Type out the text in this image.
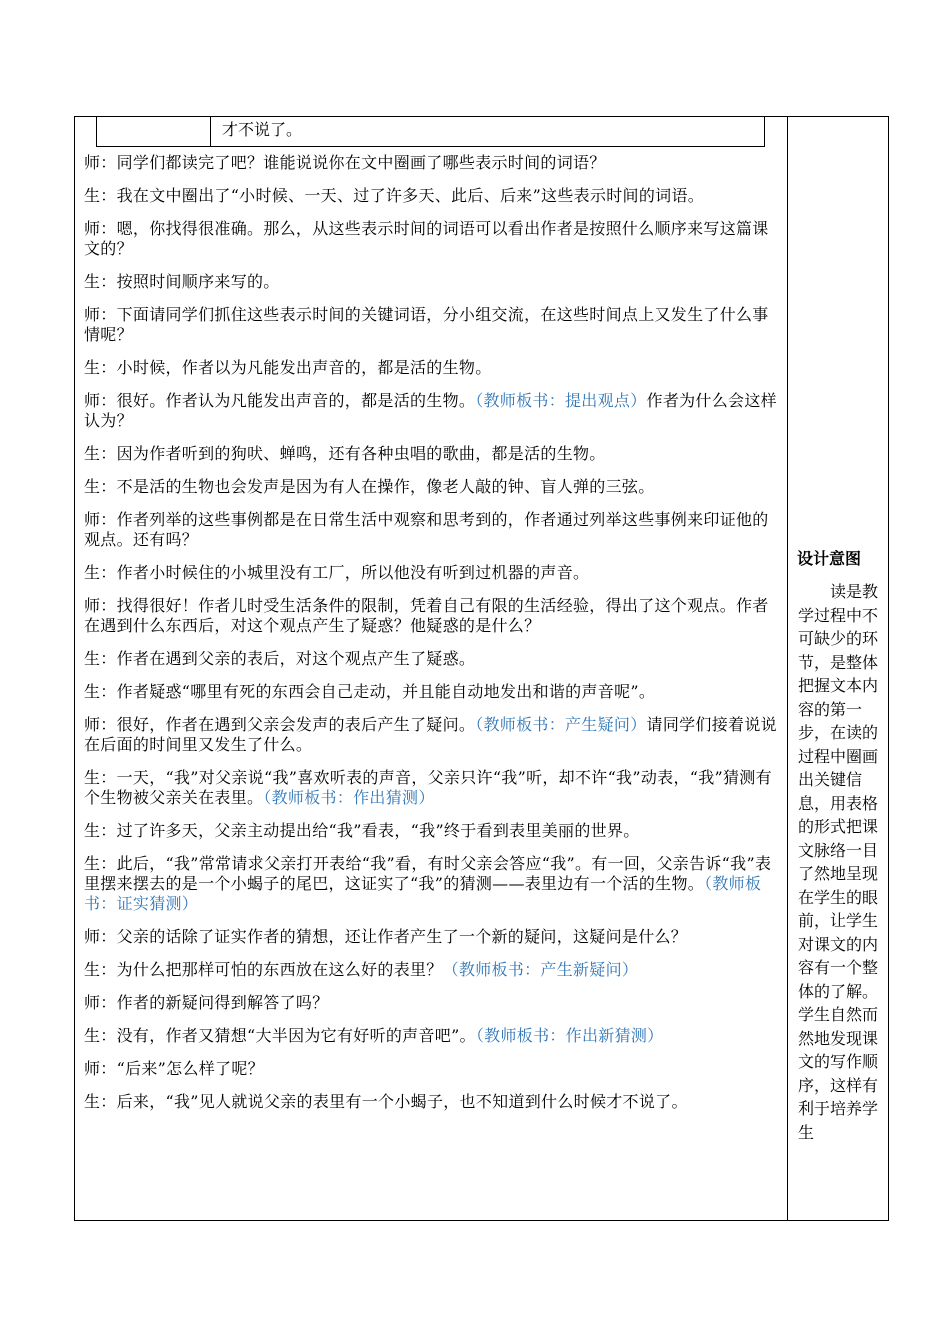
才不说了。

师：同学们都读完了吧？谁能说说你在文中圈画了哪些表示时间的词语？

生：我在文中圈出了“小时候、一天、过了许多天、此后、后来”这些表示时间的词语。

师：嗯，你找得很准确。那么，从这些表示时间的词语可以看出作者是按照什么顺序来写这篇课文的？

生：按照时间顺序来写的。

师：下面请同学们抓住这些表示时间的关键词语，分小组交流，在这些时间点上又发生了什么事情呢？

生：小时候，作者以为凡能发出声音的，都是活的生物。

师：很好。作者认为凡能发出声音的，都是活的生物。（教师板书：提出观点）作者为什么会这样认为？

生：因为作者听到的狗吠、蝉鸣，还有各种虫唱的歌曲，都是活的生物。

生：不是活的生物也会发声是因为有人在操作，像老人敲的钟、盲人弹的三弦。

师：作者列举的这些事例都是在日常生活中观察和思考到的，作者通过列举这些事例来印证他的观点。还有吗？

生：作者小时候住的小城里没有工厂，所以他没有听到过机器的声音。

师：找得很好！作者儿时受生活条件的限制，凭着自己有限的生活经验，得出了这个观点。作者在遇到什么东西后，对这个观点产生了疑惑？他疑惑的是什么？

生：作者在遇到父亲的表后，对这个观点产生了疑惑。

生：作者疑惑“哪里有死的东西会自己走动，并且能自动地发出和谐的声音呢”。

师：很好，作者在遇到父亲会发声的表后产生了疑问。（教师板书：产生疑问）请同学们接着说说在后面的时间里又发生了什么。

生：一天，“我”对父亲说“我”喜欢听表的声音，父亲只许“我”听，却不许“我”动表，“我”猜测有个生物被父亲关在表里。（教师板书：作出猜测）

生：过了许多天，父亲主动提出给“我”看表，“我”终于看到表里美丽的世界。

生：此后，“我”常常请求父亲打开表给“我”看，有时父亲会答应“我”。有一回，父亲告诉“我”表里摆来摆去的是一个小蝎子的尾巴，这证实了“我”的猜测——表里边有一个活的生物。（教师板书：证实猜测）

师：父亲的话除了证实作者的猜想，还让作者产生了一个新的疑问，这疑问是什么？

生：为什么把那样可怕的东西放在这么好的表里？（教师板书：产生新疑问）

师：作者的新疑问得到解答了吗？

生：没有，作者又猜想“大半因为它有好听的声音吧”。（教师板书：作出新猜测）

师：“后来”怎么样了呢？

生：后来，“我”见人就说父亲的表里有一个小蝎子，也不知道到什么时候才不说了。

设计意图
读是教学过程中不可缺少的环节，是整体把握文本内容的第一步，在读的过程中圈画出关键信息，用表格的形式把课文脉络一目了然地呈现在学生的眼前，让学生对课文的内容有一个整体的了解。学生自然而然地发现课文的写作顺序，这样有利于培养学生
